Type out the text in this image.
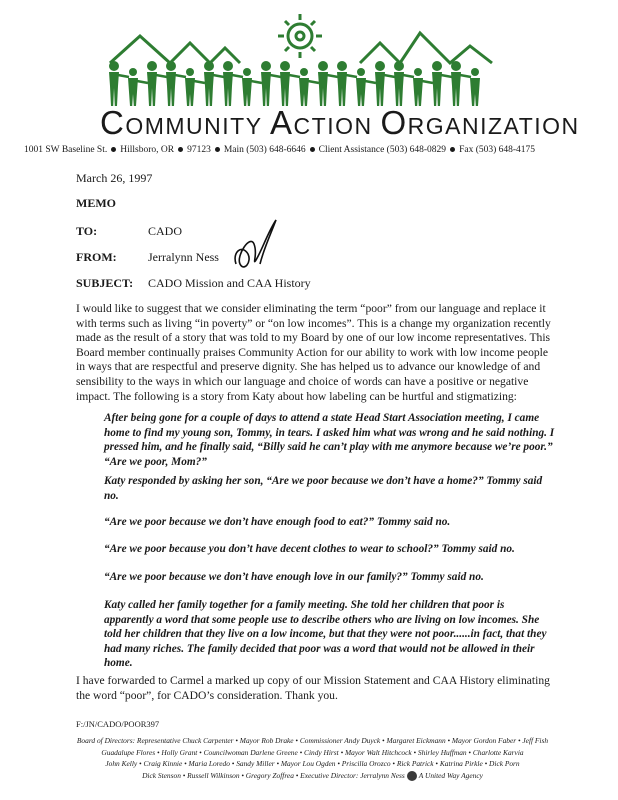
COMMUNITY ACTION ORGANIZATION
1001 SW Baseline St. Hillsboro, OR 97123 Main (503) 648-6646 Client Assistance (503) 648-0829 Fax (503) 648-4175
March 26, 1997
MEMO
TO:	CADO
FROM:	Jerralynn Ness
SUBJECT: CADO Mission and CAA History
I would like to suggest that we consider eliminating the term “poor” from our language and replace it with terms such as living “in poverty” or “on low incomes”. This is a change my organization recently made as the result of a story that was told to my Board by one of our low income representatives. This Board member continually praises Community Action for our ability to work with low income people in ways that are respectful and preserve dignity. She has helped us to advance our knowledge of and sensibility to the ways in which our language and choice of words can have a positive or negative impact. The following is a story from Katy about how labeling can be hurtful and stigmatizing:
After being gone for a couple of days to attend a state Head Start Association meeting, I came home to find my young son, Tommy, in tears. I asked him what was wrong and he said nothing. I pressed him, and he finally said, “Billy said he can’t play with me anymore because we’re poor.” “Are we poor, Mom?”
Katy responded by asking her son, “Are we poor because we don’t have a home?” Tommy said no.
“Are we poor because we don’t have enough food to eat?” Tommy said no.
“Are we poor because you don’t have decent clothes to wear to school?” Tommy said no.
“Are we poor because we don’t have enough love in our family?” Tommy said no.
Katy called her family together for a family meeting. She told her children that poor is apparently a word that some people use to describe others who are living on low incomes. She told her children that they live on a low income, but that they were not poor......in fact, that they had many riches. The family decided that poor was a word that would not be allowed in their home.
I have forwarded to Carmel a marked up copy of our Mission Statement and CAA History eliminating the word “poor”, for CADO’s consideration. Thank you.
F:/JN/CADO/POOR397
Board of Directors: Representative Chuck Carpenter • Mayor Rob Drake • Commissioner Andy Duyck • Margaret Eickmann • Mayor Gordon Faber • Jeff Fish
Guadalupe Flores • Holly Grant • Councilwoman Darlene Greene • Cindy Hirst • Mayor Walt Hitchcock • Shirley Huffman • Charlotte Karvia
John Kelly • Craig Kinnie • Maria Loredo • Sandy Miller • Mayor Lou Ogden • Priscilla Orozco • Rick Patrick • Katrina Pirkle • Dick Porn
Dick Stenson • Russell Wilkinson • Gregory Zoffrea • Executive Director: Jerralynn Ness A United Way Agency
